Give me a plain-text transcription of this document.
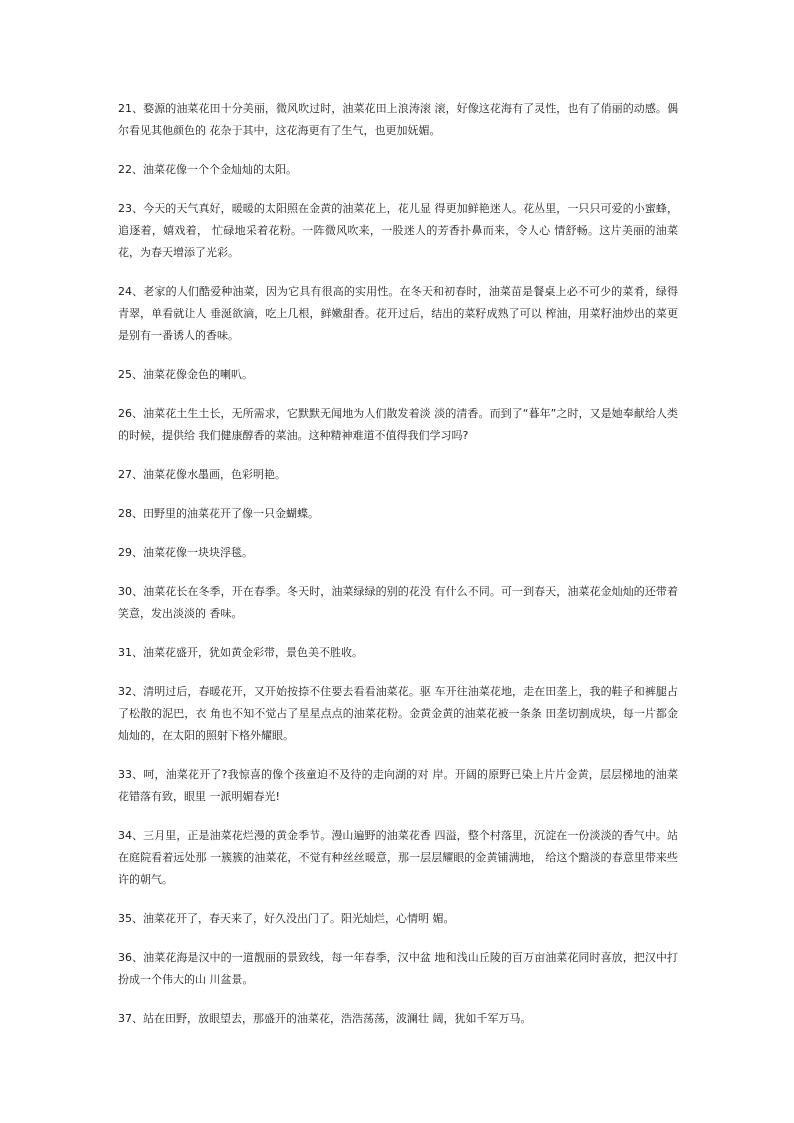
21、婺源的油菜花田十分美丽，微风吹过时，油菜花田上浪涛滚 滚，好像这花海有了灵性，也有了俏丽的动感。偶尔看见其他颜色的 花杂于其中，这花海更有了生气，也更加妩媚。

22、油菜花像一个个金灿灿的太阳。

23、今天的天气真好，暖暖的太阳照在金黄的油菜花上，花儿显 得更加鲜艳迷人。花丛里，一只只可爱的小蜜蜂，追逐着，嬉戏着， 忙碌地采着花粉。一阵微风吹来，一股迷人的芳香扑鼻而来，令人心 情舒畅。这片美丽的油菜花，为春天增添了光彩。

24、老家的人们酷爱种油菜，因为它具有很高的实用性。在冬天和初春时，油菜苗是餐桌上必不可少的菜肴，绿得青翠，单看就让人 垂涎欲滴，吃上几根，鲜嫩甜香。花开过后，结出的菜籽成熟了可以 榨油，用菜籽油炒出的菜更是别有一番诱人的香味。

25、油菜花像金色的喇叭。

26、油菜花土生土长，无所需求，它默默无闻地为人们散发着淡 淡的清香。而到了“暮年”之时，又是她奉献给人类的时候，提供给 我们健康醇香的菜油。这种精神难道不值得我们学习吗?

27、油菜花像水墨画，色彩明艳。

28、田野里的油菜花开了像一只金蝴蝶。

29、油菜花像一块块浮毯。

30、油菜花长在冬季，开在春季。冬天时，油菜绿绿的别的花没 有什么不同。可一到春天，油菜花金灿灿的还带着笑意，发出淡淡的 香味。

31、油菜花盛开，犹如黄金彩带，景色美不胜收。

32、清明过后，春暖花开，又开始按捺不住要去看看油菜花。驱 车开往油菜花地，走在田垄上，我的鞋子和裤腿占了松散的泥巴，衣 角也不知不觉占了星星点点的油菜花粉。金黄金黄的油菜花被一条条 田垄切割成块，每一片都金灿灿的，在太阳的照射下格外耀眼。

33、呵，油菜花开了?我惊喜的像个孩童迫不及待的走向湖的对 岸。开阔的原野已染上片片金黄，层层梯地的油菜花错落有致，眼里 一派明媚春光!

34、三月里，正是油菜花烂漫的黄金季节。漫山遍野的油菜花香 四溢，整个村落里，沉淀在一份淡淡的香气中。站在庭院看着远处那 一簇簇的油菜花，不觉有种丝丝暖意，那一层层耀眼的金黄铺满地， 给这个黯淡的春意里带来些许的朝气。

35、油菜花开了，春天来了，好久没出门了。阳光灿烂，心情明 媚。

36、油菜花海是汉中的一道靓丽的景致线，每一年春季，汉中盆 地和浅山丘陵的百万亩油菜花同时喜放，把汉中打扮成一个伟大的山 川盆景。

37、站在田野，放眼望去，那盛开的油菜花，浩浩荡荡，波澜壮 阔，犹如千军万马。
